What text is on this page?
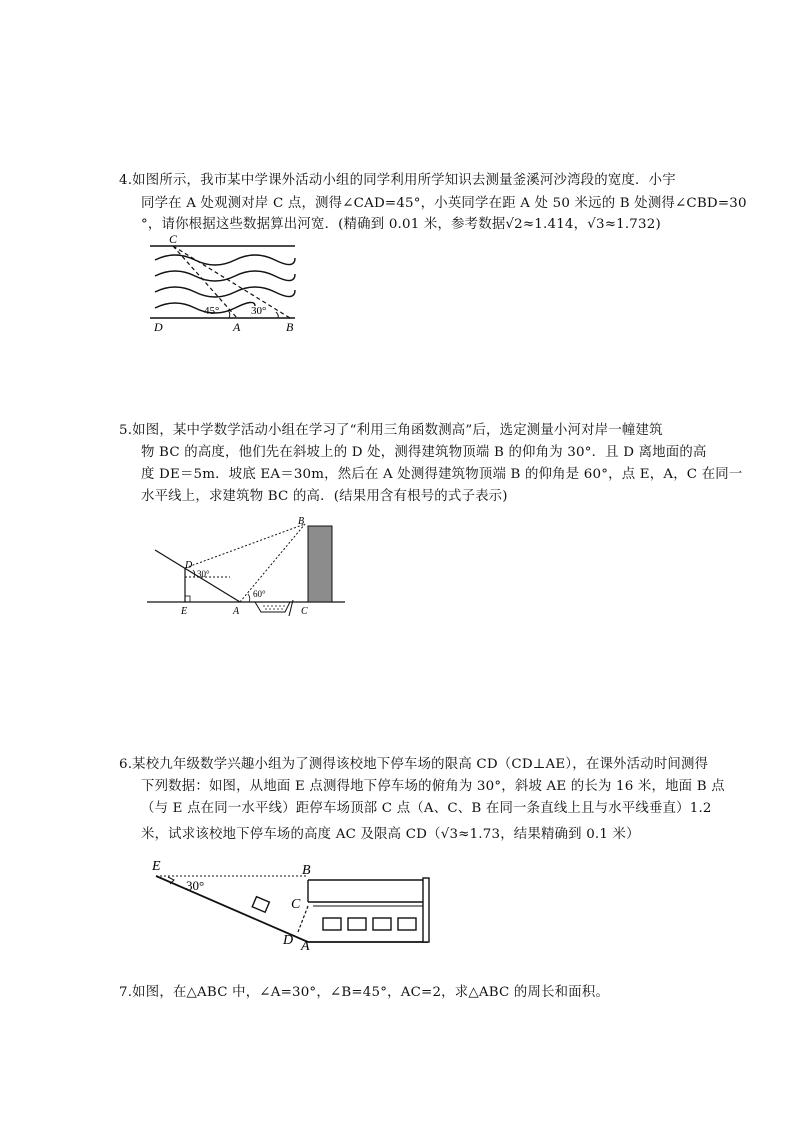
4.如图所示，我市某中学课外活动小组的同学利用所学知识去测量釜溪河沙湾段的宽度．小宇
同学在 A 处观测对岸 C 点，测得∠CAD=45°，小英同学在距 A 处 50 米远的 B 处测得∠CBD=30
°，请你根据这些数据算出河宽．(精确到 0.01 米，参考数据√2≈1.414，√3≈1.732)
C
D	A	B
45°	30°
5.如图，某中学数学活动小组在学习了“利用三角函数测高”后，选定测量小河对岸一幢建筑
物 BC 的高度，他们先在斜坡上的 D 处，测得建筑物顶端 B 的仰角为 30°．且 D 离地面的高
度 DE＝5m．坡底 EA＝30m，然后在 A 处测得建筑物顶端 B 的仰角是 60°，点 E，A，C 在同一
水平线上，求建筑物 BC 的高．(结果用含有根号的式子表示)
B
D
E	A	C
30°
60°
6.某校九年级数学兴趣小组为了测得该校地下停车场的限高 CD（CD⊥AE），在课外活动时间测得
下列数据：如图，从地面 E 点测得地下停车场的俯角为 30°，斜坡 AE 的长为 16 米，地面 B 点
（与 E 点在同一水平线）距停车场顶部 C 点（A、C、B 在同一条直线上且与水平线垂直）1.2
米，试求该校地下停车场的高度 AC 及限高 CD（√3≈1.73，结果精确到 0.1 米）
E	B
C
D A
30°
7.如图，在△ABC 中，∠A=30°，∠B=45°，AC=2，求△ABC 的周长和面积。
